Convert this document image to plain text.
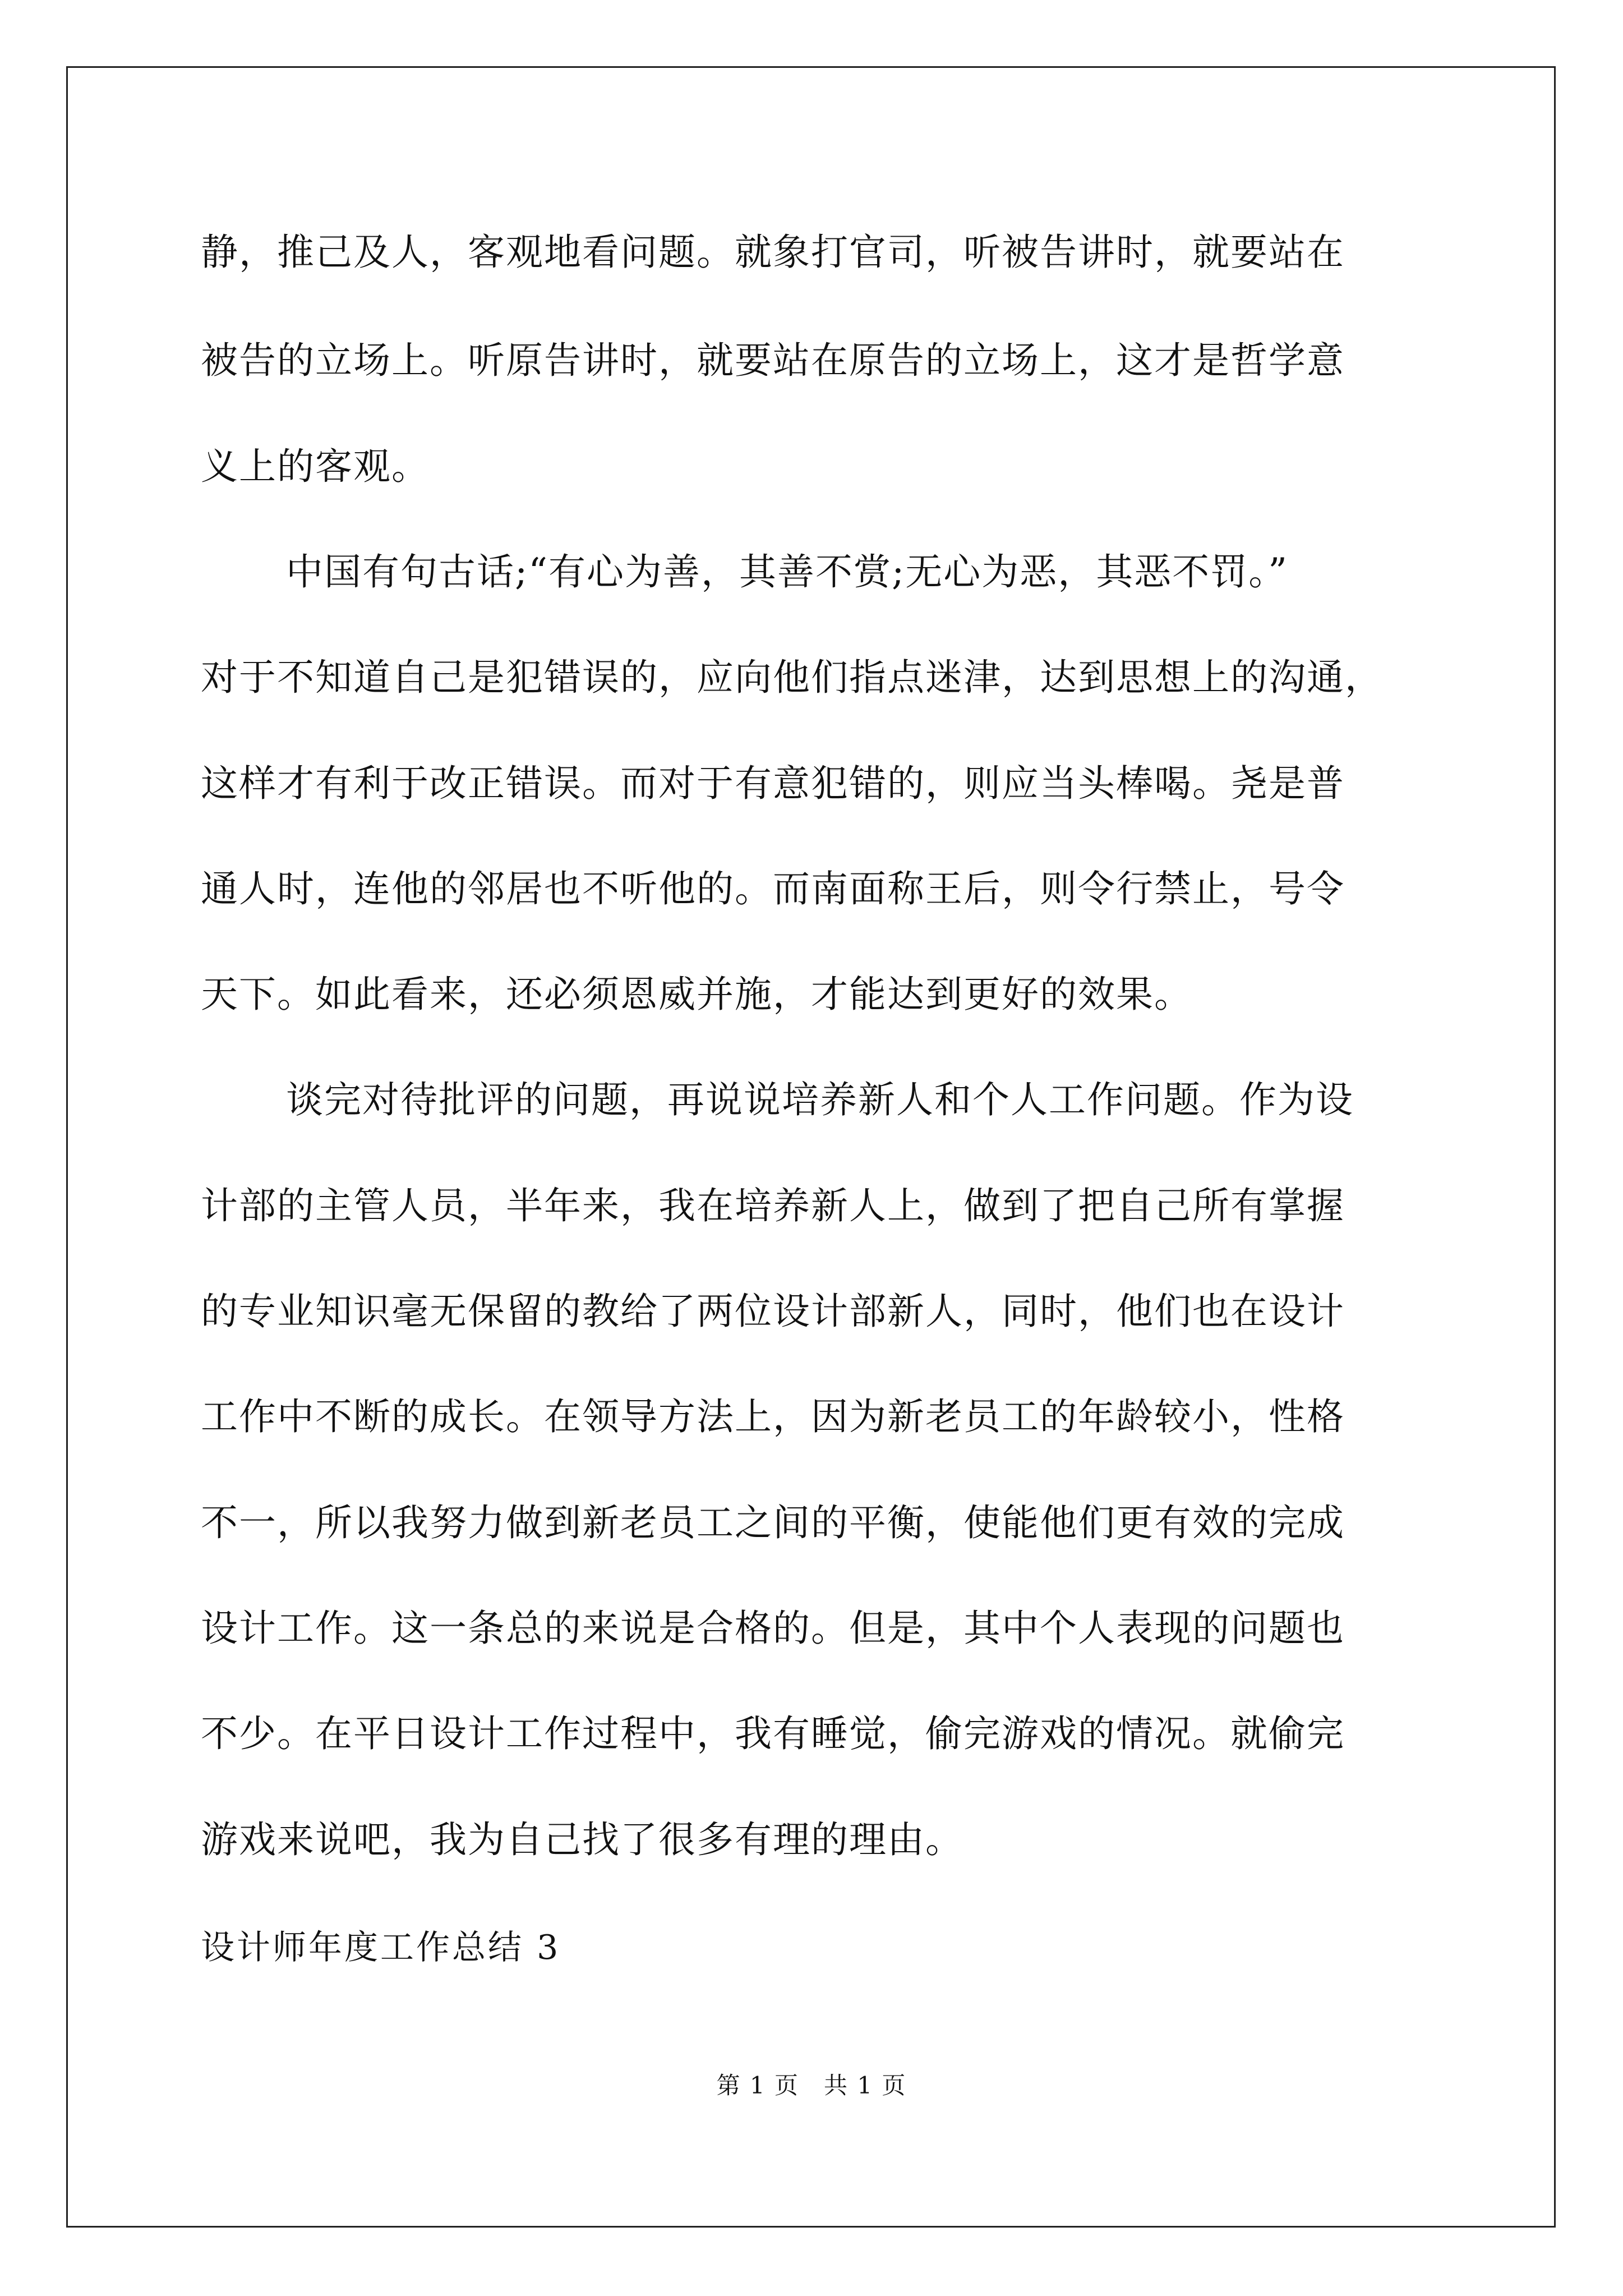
静，推己及人，客观地看问题。就象打官司，听被告讲时，就要站在
被告的立场上。听原告讲时，就要站在原告的立场上，这才是哲学意
义上的客观。
中国有句古话;“有心为善，其善不赏;无心为恶，其恶不罚。”
对于不知道自己是犯错误的，应向他们指点迷津，达到思想上的沟通，
这样才有利于改正错误。而对于有意犯错的，则应当头棒喝。尧是普
通人时，连他的邻居也不听他的。而南面称王后，则令行禁止，号令
天下。如此看来，还必须恩威并施，才能达到更好的效果。
谈完对待批评的问题，再说说培养新人和个人工作问题。作为设
计部的主管人员，半年来，我在培养新人上，做到了把自己所有掌握
的专业知识毫无保留的教给了两位设计部新人，同时，他们也在设计
工作中不断的成长。在领导方法上，因为新老员工的年龄较小，性格
不一，所以我努力做到新老员工之间的平衡，使能他们更有效的完成
设计工作。这一条总的来说是合格的。但是，其中个人表现的问题也
不少。在平日设计工作过程中，我有睡觉，偷完游戏的情况。就偷完
游戏来说吧，我为自己找了很多有理的理由。
设计师年度工作总结 3
第 1 页　共 1 页
